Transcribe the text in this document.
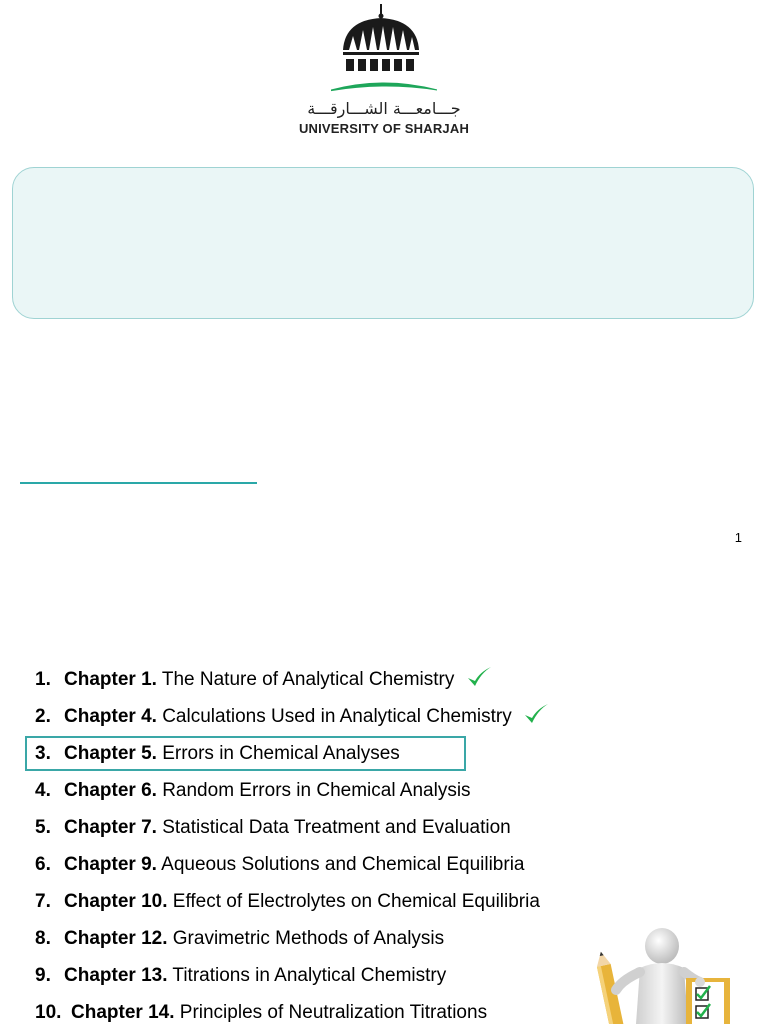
جـــامعـــة الشـــارقـــة
UNIVERSITY OF SHARJAH
1
1. Chapter 1. The Nature of Analytical Chemistry
2. Chapter 4. Calculations Used in Analytical Chemistry
3. Chapter 5. Errors in Chemical Analyses
4. Chapter 6. Random Errors in Chemical Analysis
5. Chapter 7. Statistical Data Treatment and Evaluation
6. Chapter 9. Aqueous Solutions and Chemical Equilibria
7. Chapter 10. Effect of Electrolytes on Chemical Equilibria
8. Chapter 12. Gravimetric Methods of Analysis
9. Chapter 13. Titrations in Analytical Chemistry
10. Chapter 14. Principles of Neutralization Titrations
